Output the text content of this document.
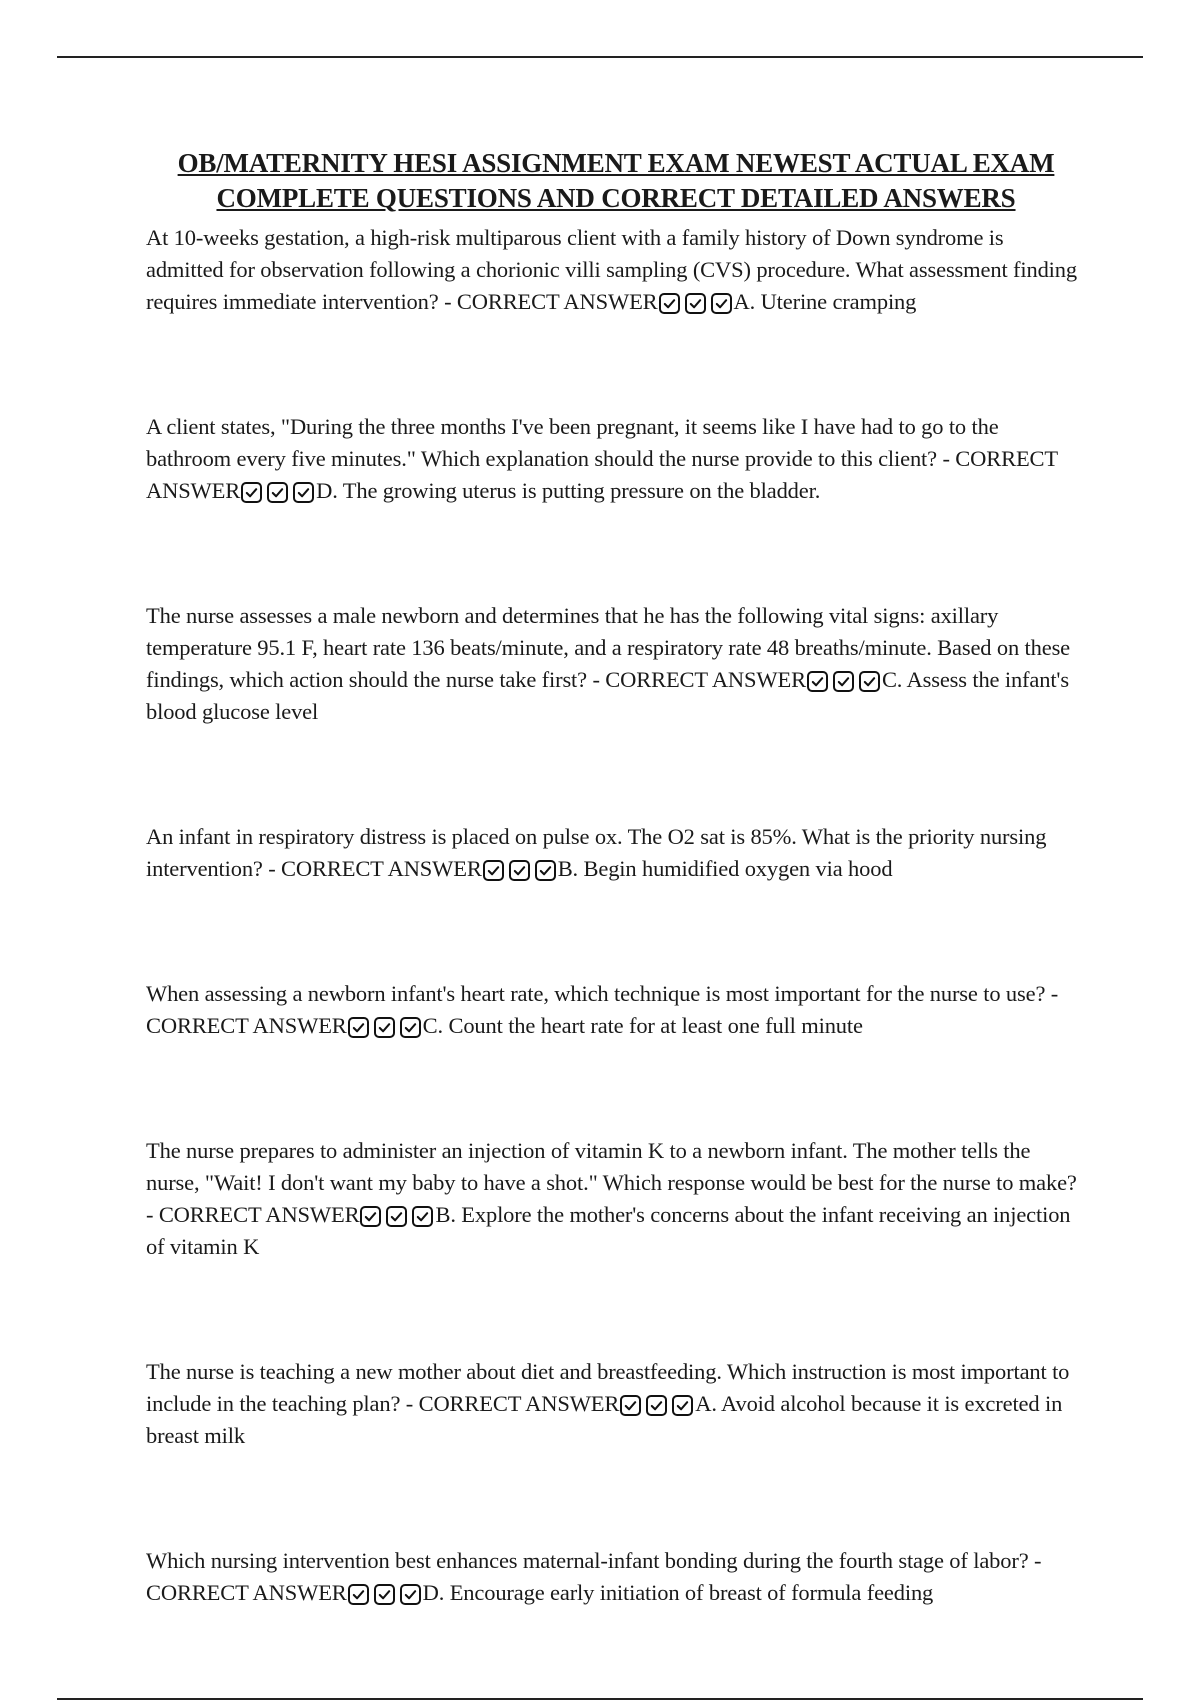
OB/MATERNITY HESI ASSIGNMENT EXAM NEWEST ACTUAL EXAM
COMPLETE QUESTIONS AND CORRECT DETAILED ANSWERS

At 10-weeks gestation, a high-risk multiparous client with a family history of Down syndrome is admitted for observation following a chorionic villi sampling (CVS) procedure. What assessment finding requires immediate intervention? - CORRECT ANSWER	A. Uterine cramping

A client states, "During the three months I've been pregnant, it seems like I have had to go to the bathroom every five minutes." Which explanation should the nurse provide to this client? - CORRECT ANSWER	D. The growing uterus is putting pressure on the bladder.

The nurse assesses a male newborn and determines that he has the following vital signs: axillary temperature 95.1 F, heart rate 136 beats/minute, and a respiratory rate 48 breaths/minute. Based on these findings, which action should the nurse take first? - CORRECT ANSWER	C. Assess the infant's blood glucose level

An infant in respiratory distress is placed on pulse ox. The O2 sat is 85%. What is the priority nursing intervention? - CORRECT ANSWER	B. Begin humidified oxygen via hood

When assessing a newborn infant's heart rate, which technique is most important for the nurse to use? - CORRECT ANSWER	C. Count the heart rate for at least one full minute

The nurse prepares to administer an injection of vitamin K to a newborn infant. The mother tells the nurse, "Wait! I don't want my baby to have a shot." Which response would be best for the nurse to make? - CORRECT ANSWER	B. Explore the mother's concerns about the infant receiving an injection of vitamin K

The nurse is teaching a new mother about diet and breastfeeding. Which instruction is most important to include in the teaching plan? - CORRECT ANSWER	A. Avoid alcohol because it is excreted in breast milk

Which nursing intervention best enhances maternal-infant bonding during the fourth stage of labor? - CORRECT ANSWER	D. Encourage early initiation of breast of formula feeding
